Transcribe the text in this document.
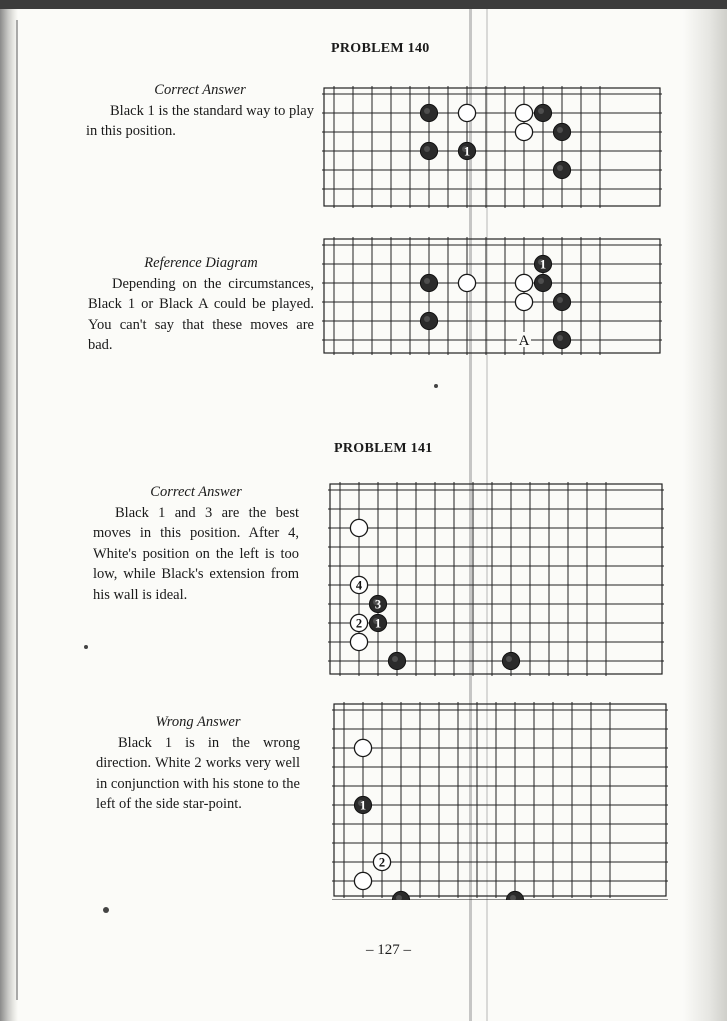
PROBLEM 140
Correct Answer
Black 1 is the standard way to play in this position.
1
Reference Diagram
Depending on the circumstances, Black 1 or Black A could be played. You can't say that these moves are bad.	A
1
PROBLEM 141
Correct Answer
Black 1 and 3 are the best moves in this position. After 4, White's position on the left is too low, while Black's extension from his wall is ideal.
4
3
2 1
Wrong Answer
Black 1 is in the wrong direction. White 2 works very well in conjunction with his stone to the left of the side star-point.	1
2
– 127 –
